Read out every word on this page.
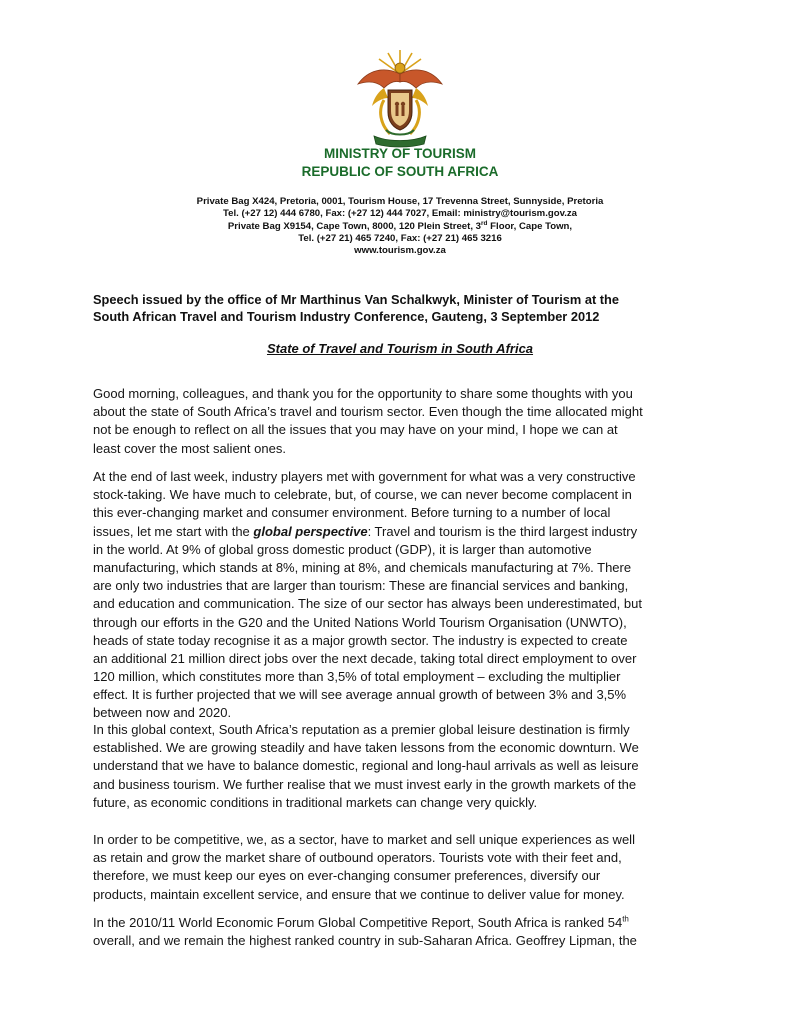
MINISTRY OF TOURISM
REPUBLIC OF SOUTH AFRICA
Private Bag X424, Pretoria, 0001, Tourism House, 17 Trevenna Street, Sunnyside, Pretoria
Tel. (+27 12) 444 6780, Fax: (+27 12) 444 7027, Email: ministry@tourism.gov.za
Private Bag X9154, Cape Town, 8000, 120 Plein Street, 3rd Floor, Cape Town,
Tel. (+27 21) 465 7240, Fax: (+27 21) 465 3216
www.tourism.gov.za
Speech issued by the office of Mr Marthinus Van Schalkwyk, Minister of Tourism at the
South African Travel and Tourism Industry Conference, Gauteng, 3 September 2012
State of Travel and Tourism in South Africa
Good morning, colleagues, and thank you for the opportunity to share some thoughts with you
about the state of South Africa’s travel and tourism sector. Even though the time allocated might
not be enough to reflect on all the issues that you may have on your mind, I hope we can at
least cover the most salient ones.
At the end of last week, industry players met with government for what was a very constructive
stock-taking. We have much to celebrate, but, of course, we can never become complacent in
this ever-changing market and consumer environment. Before turning to a number of local
issues, let me start with the global perspective: Travel and tourism is the third largest industry
in the world. At 9% of global gross domestic product (GDP), it is larger than automotive
manufacturing, which stands at 8%, mining at 8%, and chemicals manufacturing at 7%. There
are only two industries that are larger than tourism: These are financial services and banking,
and education and communication. The size of our sector has always been underestimated, but
through our efforts in the G20 and the United Nations World Tourism Organisation (UNWTO),
heads of state today recognise it as a major growth sector. The industry is expected to create
an additional 21 million direct jobs over the next decade, taking total direct employment to over
120 million, which constitutes more than 3,5% of total employment – excluding the multiplier
effect. It is further projected that we will see average annual growth of between 3% and 3,5%
between now and 2020.
In this global context, South Africa’s reputation as a premier global leisure destination is firmly
established. We are growing steadily and have taken lessons from the economic downturn. We
understand that we have to balance domestic, regional and long-haul arrivals as well as leisure
and business tourism. We further realise that we must invest early in the growth markets of the
future, as economic conditions in traditional markets can change very quickly.
In order to be competitive, we, as a sector, have to market and sell unique experiences as well
as retain and grow the market share of outbound operators. Tourists vote with their feet and,
therefore, we must keep our eyes on ever-changing consumer preferences, diversify our
products, maintain excellent service, and ensure that we continue to deliver value for money.
In the 2010/11 World Economic Forum Global Competitive Report, South Africa is ranked 54th
overall, and we remain the highest ranked country in sub-Saharan Africa. Geoffrey Lipman, the
